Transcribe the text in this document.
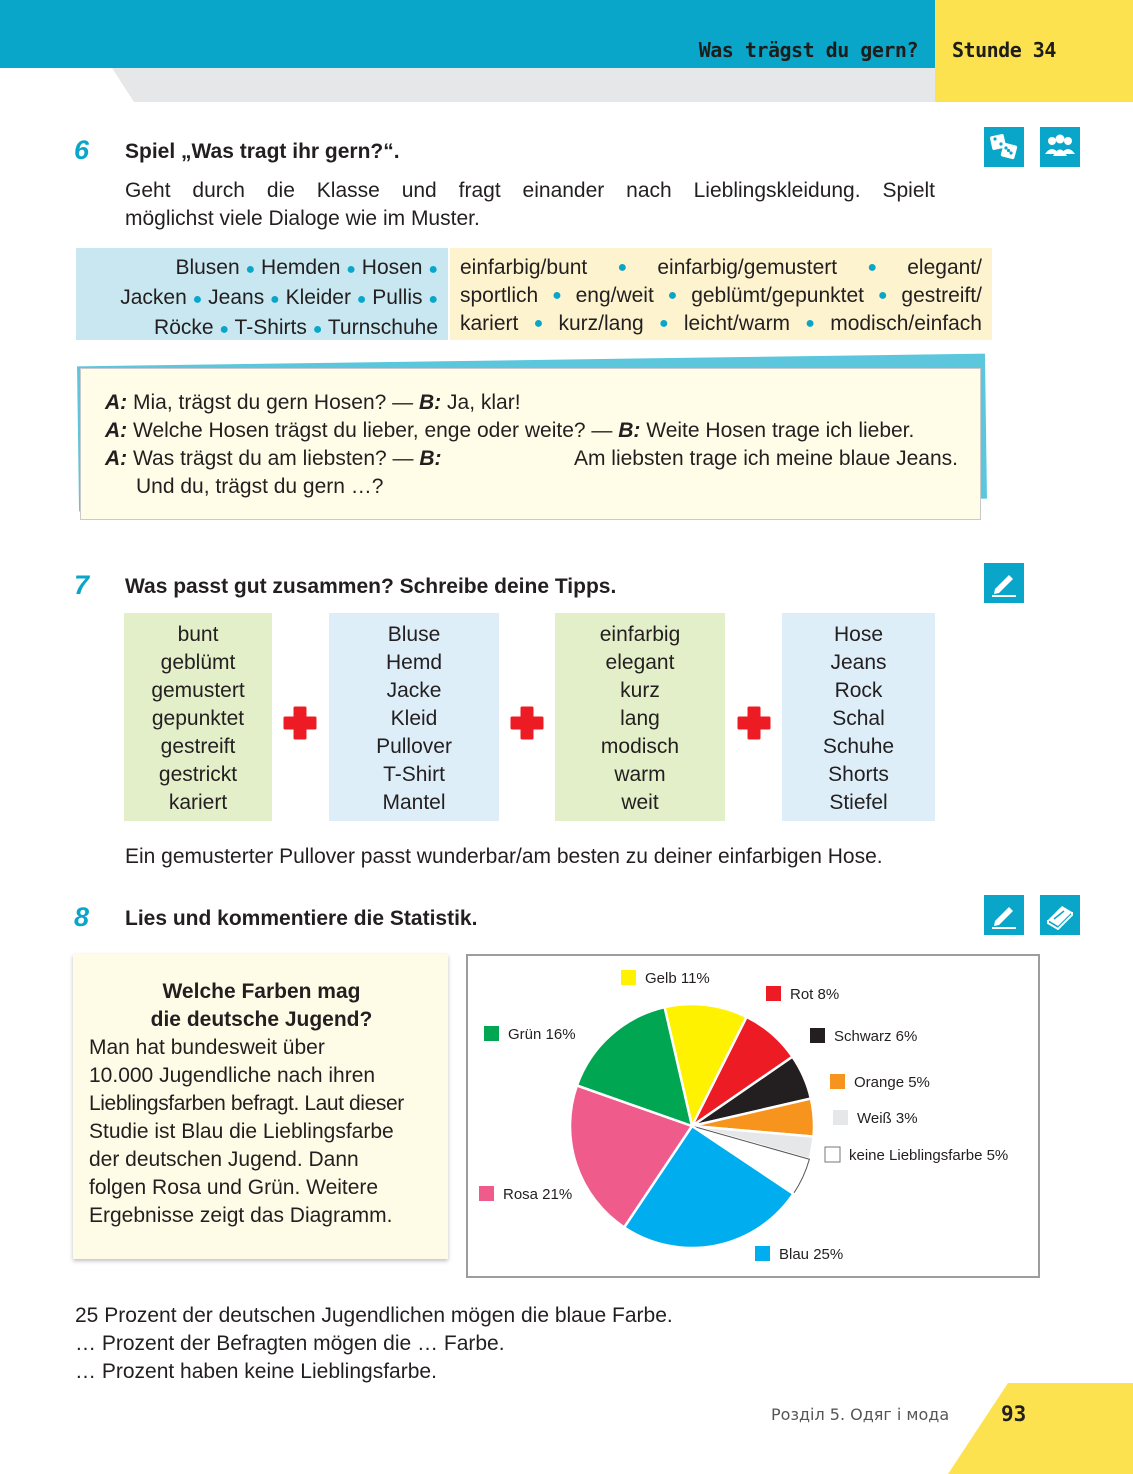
Was trägst du gern? Stunde 34
6 Spiel „Was tragt ihr gern?“.
Geht durch die Klasse und fragt einander nach Lieblingskleidung. Spielt
möglichst viele Dialoge wie im Muster.
Blusen ● Hemden ● Hosen ●
Jacken ● Jeans ● Kleider ● Pullis ●
Röcke ● T-Shirts ● Turnschuhe
einfarbig/bunt ● einfarbig/gemustert ● elegant/
sportlich ● eng/weit ● geblümt/gepunktet ● gestreift/
kariert ● kurz/lang ● leicht/warm ● modisch/einfach
A:
Mia, trägst du gern Hosen? —
B:
Ja, klar!
A:
Welche Hosen trägst du lieber, enge oder weite? —
B:
Weite Hosen trage ich lieber.
A: Was trägst du am liebsten? — B:	Am liebsten trage ich meine blaue Jeans.
Und du, trägst du gern …?
7 Was passt gut zusammen? Schreibe deine Tipps.
bunt
geblümt
gemustert
gepunktet
gestreift
gestrickt
kariert
Bluse
Hemd
Jacke
Kleid
Pullover
T-Shirt
Mantel
einfarbig
elegant
kurz
lang
modisch
warm
weit
Hose
Jeans
Rock
Schal
Schuhe
Shorts
Stiefel
Ein gemusterter Pullover passt wunderbar/am besten zu deiner einfarbigen Hose.
8 Lies und kommentiere die Statistik.
Welche Farben mag
die deutsche Jugend?
Man hat bundesweit über
10.000 Jugendliche nach ihren
Lieblingsfarben befragt. Laut dieser
Studie ist Blau die Lieblingsfarbe
der deutschen Jugend. Dann
folgen Rosa und Grün. Weitere
Ergebnisse zeigt das Diagramm.
Gelb 11%
Rot 8%
Schwarz 6%
Orange 5%
Weiß 3%
keine Lieblingsfarbe 5%
Blau 25%
Rosa 21%
Grün 16%
25 Prozent der deutschen Jugendlichen mögen die blaue Farbe.
… Prozent der Befragten mögen die … Farbe.
… Prozent haben keine Lieblingsfarbe.
Розділ 5. Одяг і мода 93
